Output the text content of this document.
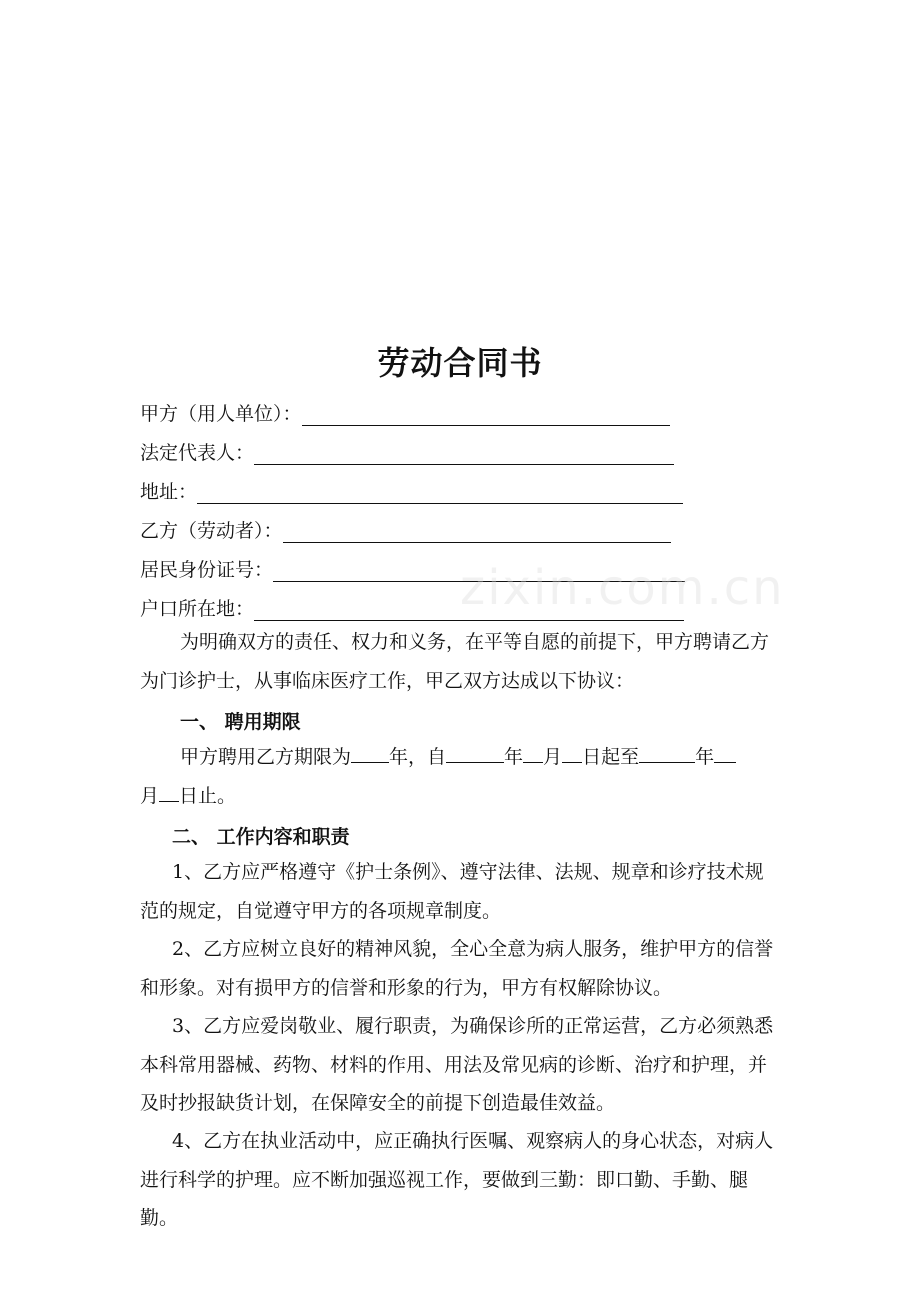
劳动合同书
甲方（用人单位）：
法定代表人：
地址：
乙方（劳动者）：
居民身份证号：
户口所在地：
为明确双方的责任、权力和义务，在平等自愿的前提下，甲方聘请乙方为门诊护士，从事临床医疗工作，甲乙双方达成以下协议：
一、 聘用期限
甲方聘用乙方期限为 年，自	年 月 日起至	年
月 日止。
二、 工作内容和职责
1、乙方应严格遵守《护士条例》、遵守法律、法规、规章和诊疗技术规范的规定，自觉遵守甲方的各项规章制度。
2、乙方应树立良好的精神风貌，全心全意为病人服务，维护甲方的信誉和形象。对有损甲方的信誉和形象的行为，甲方有权解除协议。
3、乙方应爱岗敬业、履行职责，为确保诊所的正常运营，乙方必须熟悉本科常用器械、药物、材料的作用、用法及常见病的诊断、治疗和护理，并及时抄报缺货计划，在保障安全的前提下创造最佳效益。
4、乙方在执业活动中，应正确执行医嘱、观察病人的身心状态，对病人进行科学的护理。应不断加强巡视工作，要做到三勤：即口勤、手勤、腿勤。
zixin.com.cn
